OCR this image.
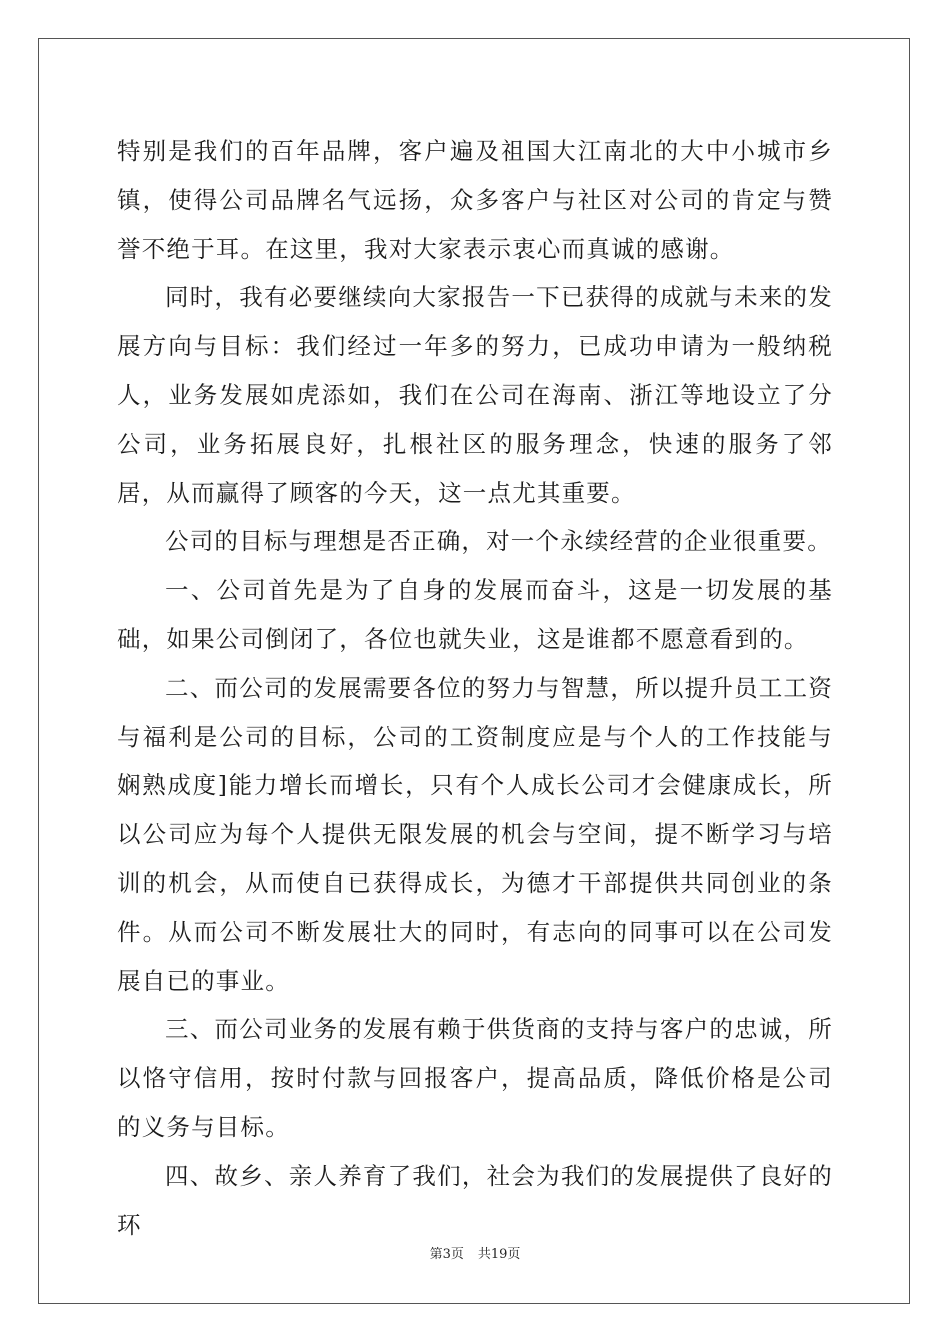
特别是我们的百年品牌，客户遍及祖国大江南北的大中小城市乡镇，使得公司品牌名气远扬，众多客户与社区对公司的肯定与赞誉不绝于耳。在这里，我对大家表示衷心而真诚的感谢。

同时，我有必要继续向大家报告一下已获得的成就与未来的发展方向与目标：我们经过一年多的努力，已成功申请为一般纳税人，业务发展如虎添如，我们在公司在海南、浙江等地设立了分公司，业务拓展良好，扎根社区的服务理念，快速的服务了邻居，从而赢得了顾客的今天，这一点尤其重要。

公司的目标与理想是否正确，对一个永续经营的企业很重要。

一、公司首先是为了自身的发展而奋斗，这是一切发展的基础，如果公司倒闭了，各位也就失业，这是谁都不愿意看到的。

二、而公司的发展需要各位的努力与智慧，所以提升员工工资与福利是公司的目标，公司的工资制度应是与个人的工作技能与娴熟成度]能力增长而增长，只有个人成长公司才会健康成长，所以公司应为每个人提供无限发展的机会与空间，提不断学习与培训的机会，从而使自已获得成长，为德才干部提供共同创业的条件。从而公司不断发展壮大的同时，有志向的同事可以在公司发展自已的事业。

三、而公司业务的发展有赖于供货商的支持与客户的忠诚，所以恪守信用，按时付款与回报客户，提高品质，降低价格是公司的义务与目标。

四、故乡、亲人养育了我们，社会为我们的发展提供了良好的环

第3页 共19页
